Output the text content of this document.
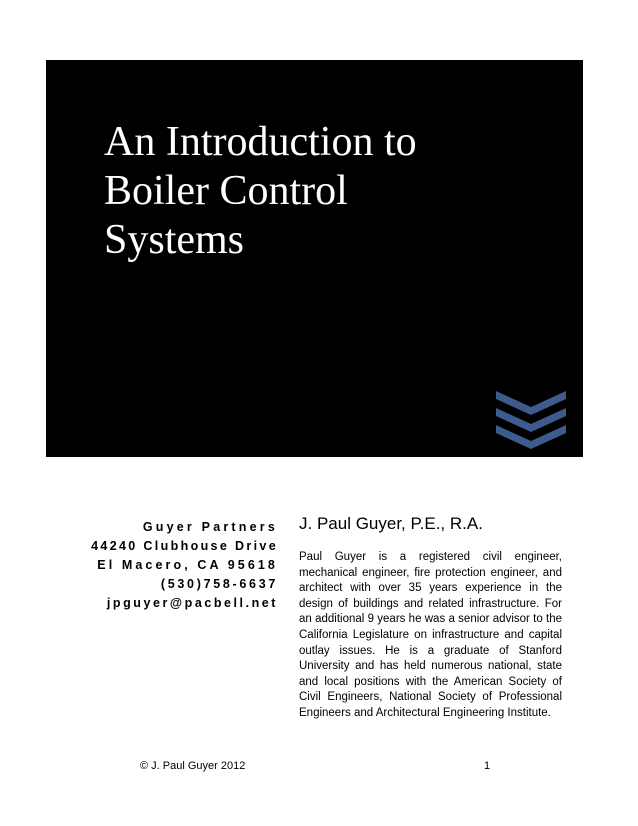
An Introduction to
Boiler Control
Systems
Guyer Partners
44240 Clubhouse Drive
El Macero, CA 95618
(530)758-6637
jpguyer@pacbell.net
J. Paul Guyer, P.E., R.A.

Paul Guyer is a registered civil engineer, mechanical engineer, fire protection engineer, and architect with over 35 years experience in the design of buildings and related infrastructure. For an additional 9 years he was a senior advisor to the California Legislature on infrastructure and capital outlay issues. He is a graduate of Stanford University and has held numerous national, state and local positions with the American Society of Civil Engineers, National Society of Professional Engineers and Architectural Engineering Institute.

© J. Paul Guyer 2012	1
